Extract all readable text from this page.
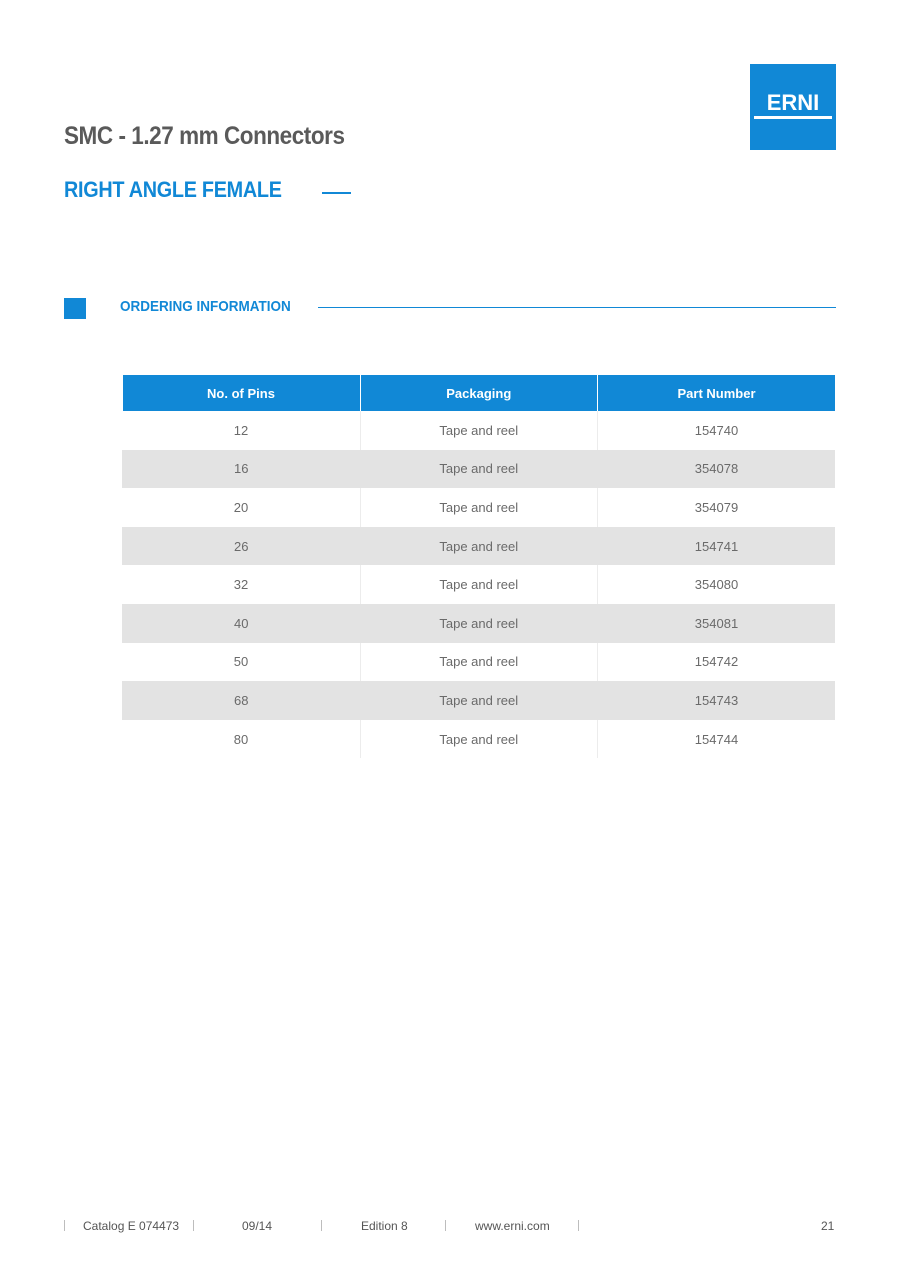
ERNI
SMC - 1.27 mm Connectors
RIGHT ANGLE FEMALE
ORDERING INFORMATION
No. of Pins	Packaging	Part Number
12	Tape and reel	154740
16	Tape and reel	354078
20	Tape and reel	354079
26	Tape and reel	154741
32	Tape and reel	354080
40	Tape and reel	354081
50	Tape and reel	154742
68	Tape and reel	154743
80	Tape and reel	154744
Catalog E 074473	09/14	Edition 8	www.erni.com	21
